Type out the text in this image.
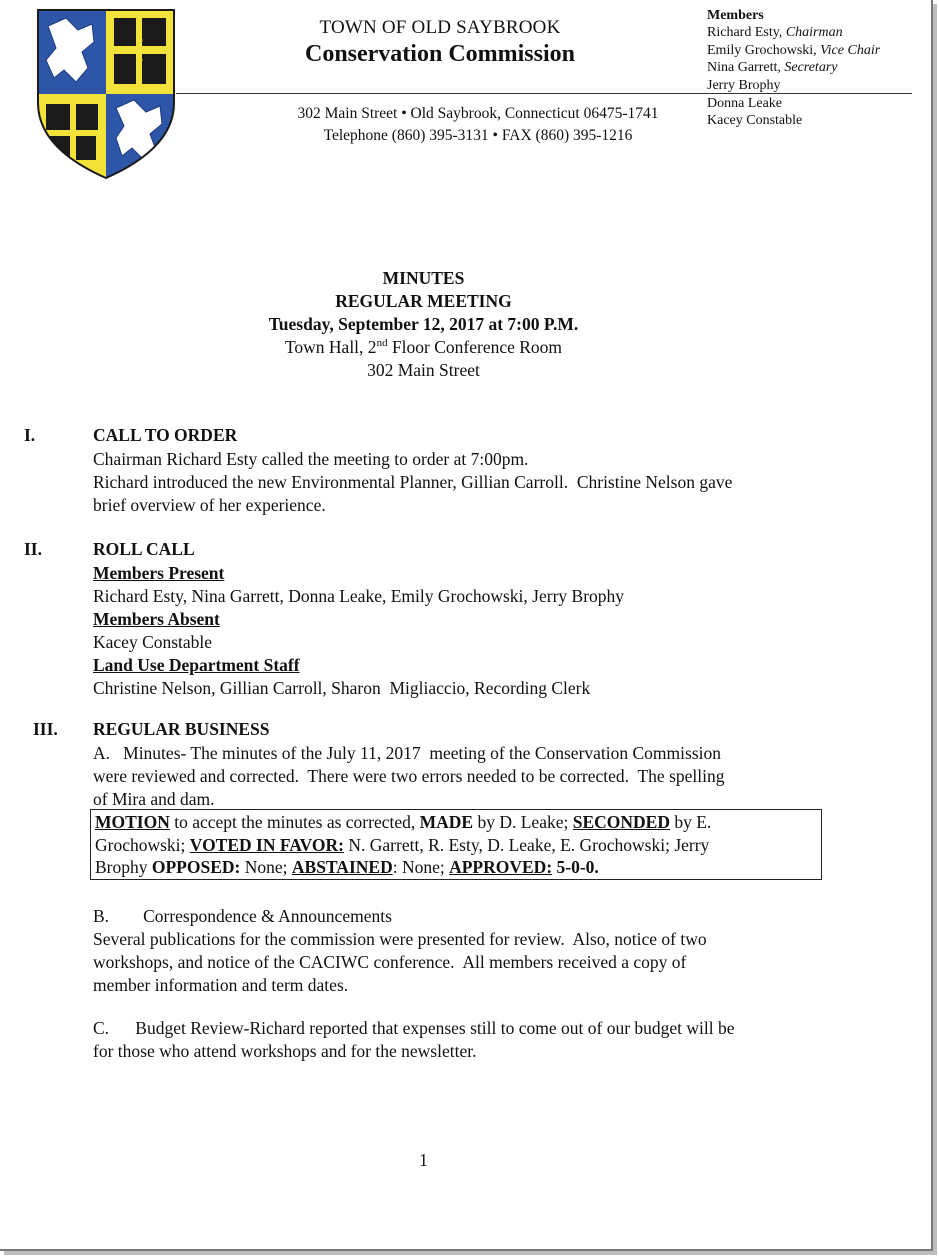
TOWN OF OLD SAYBROOK
Conservation Commission
302 Main Street • Old Saybrook, Connecticut 06475-1741
Telephone (860) 395-3131 • FAX (860) 395-1216
Members
Richard Esty, Chairman
Emily Grochowski, Vice Chair
Nina Garrett, Secretary
Jerry Brophy
Donna Leake
Kacey Constable
MINUTES
REGULAR MEETING
Tuesday, September 12, 2017 at 7:00 P.M.
Town Hall, 2nd Floor Conference Room
302 Main Street
I.	CALL TO ORDER
Chairman Richard Esty called the meeting to order at 7:00pm.
Richard introduced the new Environmental Planner, Gillian Carroll.  Christine Nelson gave
brief overview of her experience.
II.	ROLL CALL
Members Present
Richard Esty, Nina Garrett, Donna Leake, Emily Grochowski, Jerry Brophy
Members Absent
Kacey Constable
Land Use Department Staff
Christine Nelson, Gillian Carroll, Sharon  Migliaccio, Recording Clerk
III. REGULAR BUSINESS
A.   Minutes- The minutes of the July 11, 2017  meeting of the Conservation Commission
were reviewed and corrected.  There were two errors needed to be corrected.  The spelling
of Mira and dam.
MOTION to accept the minutes as corrected, MADE by D. Leake; SECONDED by E.
Grochowski; VOTED IN FAVOR: N. Garrett, R. Esty, D. Leake, E. Grochowski; Jerry
Brophy OPPOSED: None; ABSTAINED: None; APPROVED: 5-0-0.
B. Correspondence & Announcements
Several publications for the commission were presented for review.  Also, notice of two
workshops, and notice of the CACIWC conference.  All members received a copy of
member information and term dates.
C.      Budget Review-Richard reported that expenses still to come out of our budget will be
for those who attend workshops and for the newsletter.
1
